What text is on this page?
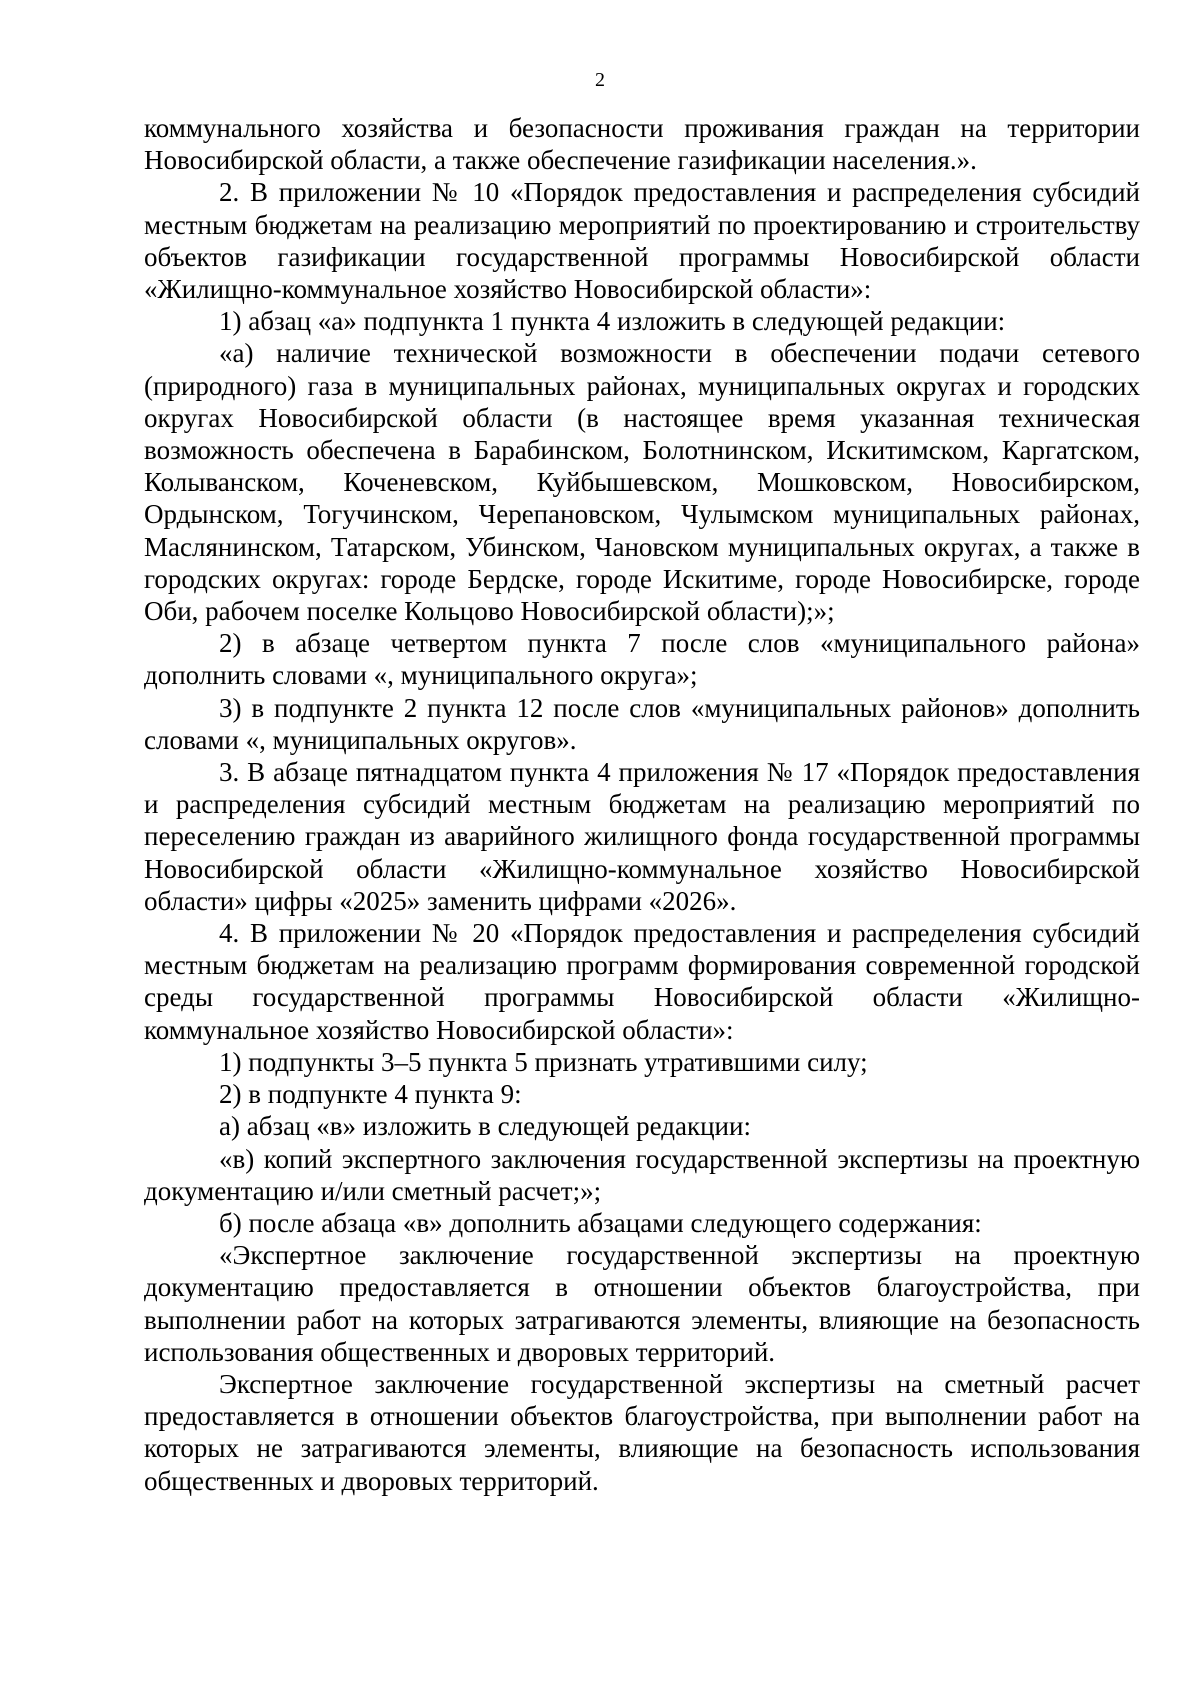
2

коммунального хозяйства и безопасности проживания граждан на территории Новосибирской области, а также обеспечение газификации населения.».

2. В приложении № 10 «Порядок предоставления и распределения субсидий местным бюджетам на реализацию мероприятий по проектированию и строительству объектов газификации государственной программы Новосибирской области «Жилищно-коммунальное хозяйство Новосибирской области»:

1) абзац «а» подпункта 1 пункта 4 изложить в следующей редакции:

«а) наличие технической возможности в обеспечении подачи сетевого (природного) газа в муниципальных районах, муниципальных округах и городских округах Новосибирской области (в настоящее время указанная техническая возможность обеспечена в Барабинском, Болотнинском, Искитимском, Каргатском, Колыванском, Коченевском, Куйбышевском, Мошковском, Новосибирском, Ордынском, Тогучинском, Черепановском, Чулымском муниципальных районах, Маслянинском, Татарском, Убинском, Чановском муниципальных округах, а также в городских округах: городе Бердске, городе Искитиме, городе Новосибирске, городе Оби, рабочем поселке Кольцово Новосибирской области);»;

2) в абзаце четвертом пункта 7 после слов «муниципального района» дополнить словами «, муниципального округа»;

3) в подпункте 2 пункта 12 после слов «муниципальных районов» дополнить словами «, муниципальных округов».

3. В абзаце пятнадцатом пункта 4 приложения № 17 «Порядок предоставления и распределения субсидий местным бюджетам на реализацию мероприятий по переселению граждан из аварийного жилищного фонда государственной программы Новосибирской области «Жилищно-коммунальное хозяйство Новосибирской области» цифры «2025» заменить цифрами «2026».

4. В приложении № 20 «Порядок предоставления и распределения субсидий местным бюджетам на реализацию программ формирования современной городской среды государственной программы Новосибирской области «Жилищно-коммунальное хозяйство Новосибирской области»:

1) подпункты 3–5 пункта 5 признать утратившими силу;

2) в подпункте 4 пункта 9:

а) абзац «в» изложить в следующей редакции:

«в) копий экспертного заключения государственной экспертизы на проектную документацию и/или сметный расчет;»;

б) после абзаца «в» дополнить абзацами следующего содержания:

«Экспертное заключение государственной экспертизы на проектную документацию предоставляется в отношении объектов благоустройства, при выполнении работ на которых затрагиваются элементы, влияющие на безопасность использования общественных и дворовых территорий.

Экспертное заключение государственной экспертизы на сметный расчет предоставляется в отношении объектов благоустройства, при выполнении работ на которых не затрагиваются элементы, влияющие на безопасность использования общественных и дворовых территорий.
